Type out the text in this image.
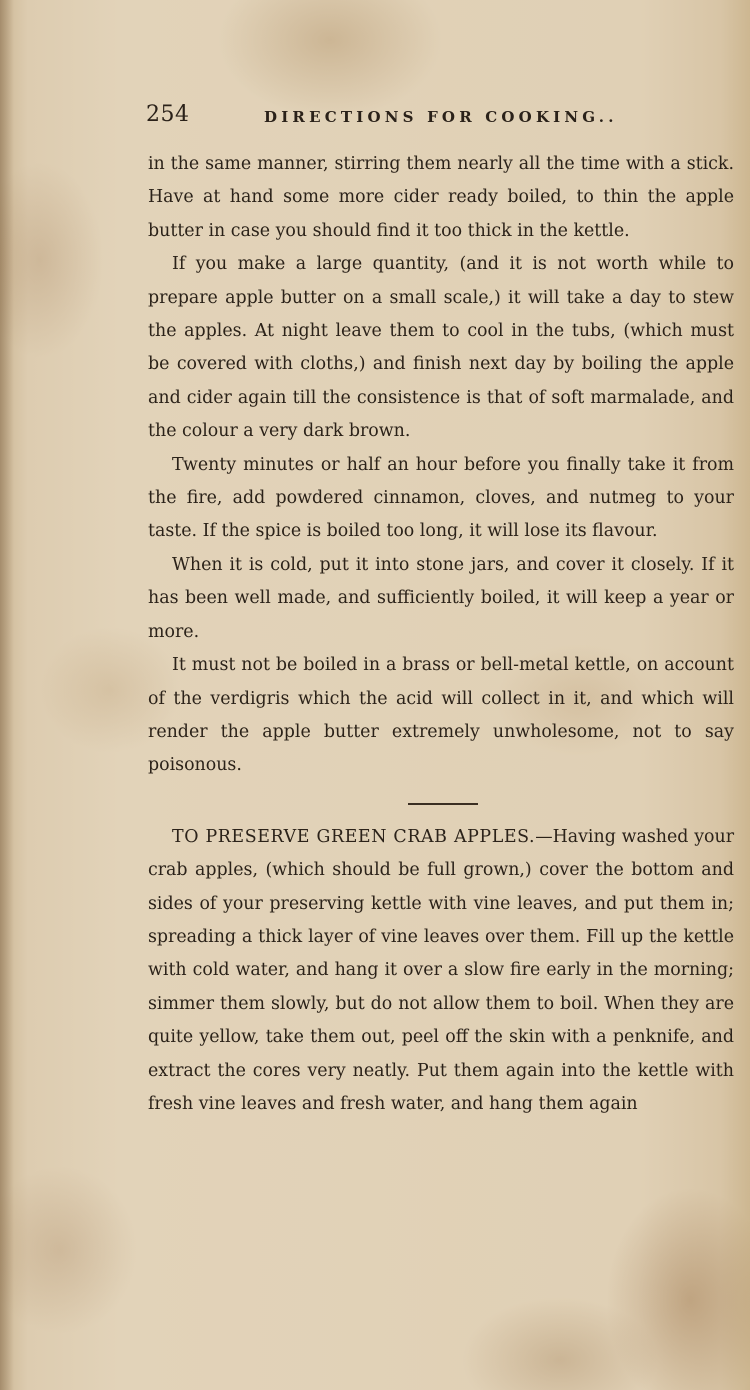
254	DIRECTIONS FOR COOKING..

in the same manner, stirring them nearly all the time with a stick. Have at hand some more cider ready boiled, to thin the apple butter in case you should find it too thick in the kettle.

If you make a large quantity, (and it is not worth while to prepare apple butter on a small scale,) it will take a day to stew the apples. At night leave them to cool in the tubs, (which must be covered with cloths,) and finish next day by boiling the apple and cider again till the consistence is that of soft marmalade, and the colour a very dark brown.

Twenty minutes or half an hour before you finally take it from the fire, add powdered cinnamon, cloves, and nutmeg to your taste. If the spice is boiled too long, it will lose its flavour.

When it is cold, put it into stone jars, and cover it closely. If it has been well made, and sufficiently boiled, it will keep a year or more.

It must not be boiled in a brass or bell-metal kettle, on account of the verdigris which the acid will collect in it, and which will render the apple butter extremely unwholesome, not to say poisonous.

TO PRESERVE GREEN CRAB APPLES.—Having washed your crab apples, (which should be full grown,) cover the bottom and sides of your preserving kettle with vine leaves, and put them in; spreading a thick layer of vine leaves over them. Fill up the kettle with cold water, and hang it over a slow fire early in the morning; simmer them slowly, but do not allow them to boil. When they are quite yellow, take them out, peel off the skin with a penknife, and extract the cores very neatly. Put them again into the kettle with fresh vine leaves and fresh water, and hang them again
